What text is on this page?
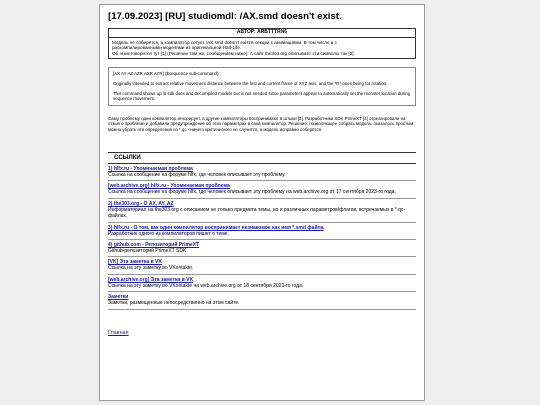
[17.09.2023] [RU] studiomdl: /AX.smd doesn't exist.
АВТОР: ARBTTTRN6

Модель не соберётся, а компилятор сетует /AX.smd doesn't exist в секции с анимациями. В том числе и с

раскомпилированными моделями из оригинальной Half-Life.

Об этом говорится тут [1] (Решение там же, сообщением ниже). А сайт the303.org описывает эти символы так [2]:

[AX AY AZ AZR AXR AYR] ($sequence sub-command)

Originally intended to extract relative movement distance between the first and current frame of XYZ axis, and the *R* ones being for rotation.

This command shows up in sdk docs and decompiled models but is not needed since parameters appear to automatically set the monster location during sequence movement.

Саму проблему один компилятор игнорирует, а другие компиляторы воспринимают в штыки [3]. Разработчики SDK PrimeXT [4] отреагировали на отзыв о проблеме и добавили предупреждение об этих параметрах в свой компилятор. Решение, позволяющее собрать модель, оказалось простым: можно убрать эти определения из *.qc - ничего критического не случится, а модель исправно соберётся.

ССЫЛКИ
1) hlfx.ru - Упоминаемая проблема
Ссылка на сообщение на форуме hlfx, где человек описывает эту проблему.
[web.archive.org] hlfx.ru - Упоминаемая проблема
Ссылка на сообщение на форуме hlfx, где человек описывает эту проблему на web.archive.org от 17 сентября 2023-го года.
2) the303.org - О AX, AY, AZ
Информатериал на the303.org с описанием не только предмета темы, но и различных параметров/флагов, встречаемых в *.qc-файлах.
3) hlfx.ru - О том, как один компилятор воспринимает незнакомое как имя *.smd файла
Разработчик одного из компиляторов пишет о теме.
4) github.com - Репозиторий PrimeXT
Github-репозиторий PrimeXT SDK.
[VK] Эта заметка в VK
Ссылка на эту заметку во VKontakte.
[web.archive.org] Эта заметка в VK
Ссылка на эту заметку во VKontakte на web.archive.org от 18 сентября 2023-го года.
Заметки
Заметки, размещённые непосредственно на этом сайте.
Главная
